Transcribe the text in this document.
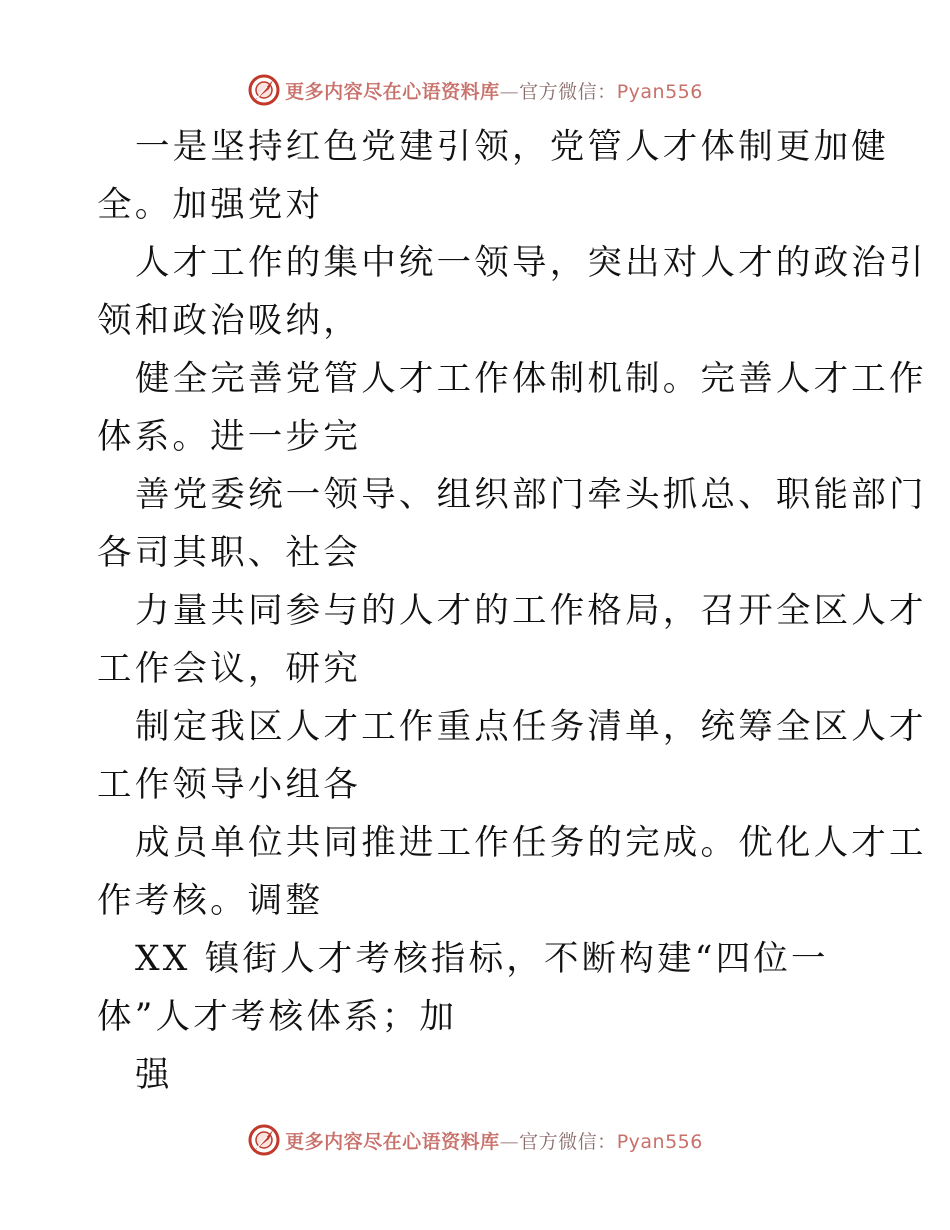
更多内容尽在心语资料库—官方微信：Pyan556
一是坚持红色党建引领，党管人才体制更加健
全。加强党对
人才工作的集中统一领导，突出对人才的政治引
领和政治吸纳，
健全完善党管人才工作体制机制。完善人才工作
体系。进一步完
善党委统一领导、组织部门牵头抓总、职能部门
各司其职、社会
力量共同参与的人才的工作格局，召开全区人才
工作会议，研究
制定我区人才工作重点任务清单，统筹全区人才
工作领导小组各
成员单位共同推进工作任务的完成。优化人才工
作考核。调整
XX 镇街人才考核指标，不断构建“四位一
体”人才考核体系；加
强
更多内容尽在心语资料库—官方微信：Pyan556
